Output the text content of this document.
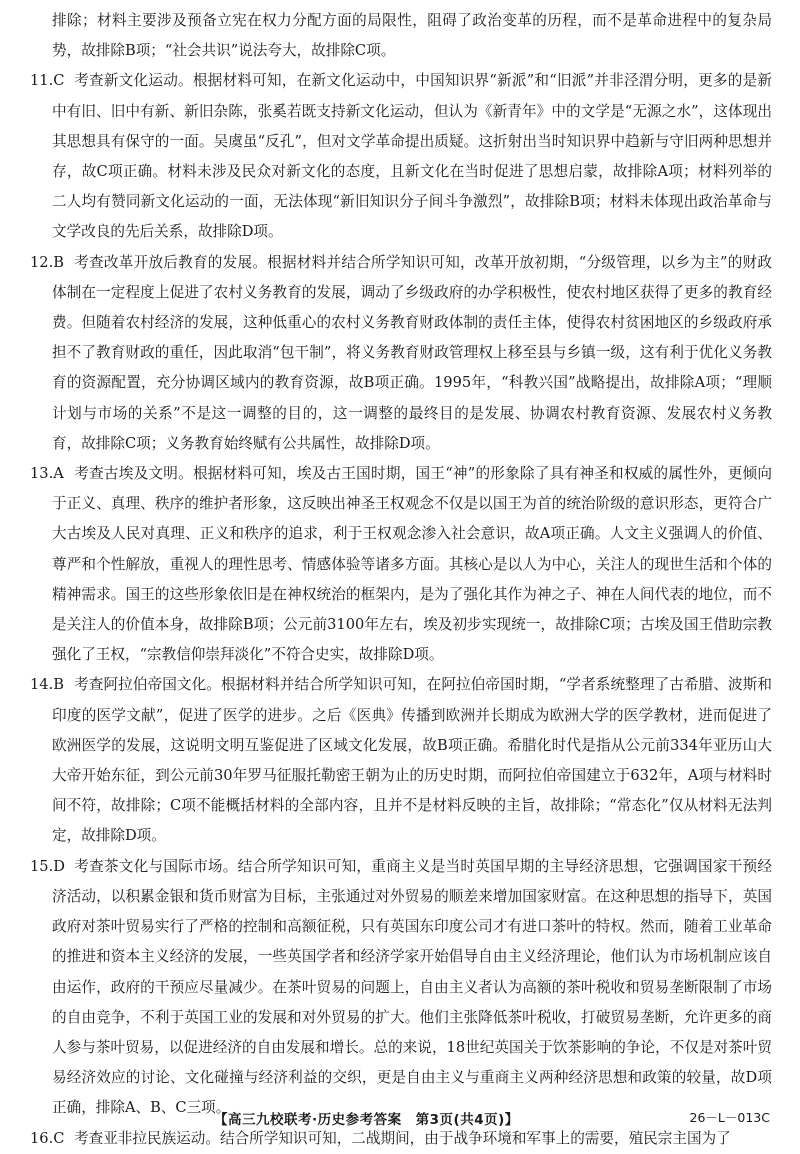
排除；材料主要涉及预备立宪在权力分配方面的局限性，阻碍了政治变革的历程，而不是革命进程中的复杂局势，故排除B项；“社会共识”说法夸大，故排除C项。

11.C 考查新文化运动。根据材料可知，在新文化运动中，中国知识界“新派”和“旧派”并非泾渭分明，更多的是新中有旧、旧中有新、新旧杂陈，张奚若既支持新文化运动，但认为《新青年》中的文学是“无源之水”，这体现出其思想具有保守的一面。吴虞虽“反孔”，但对文学革命提出质疑。这折射出当时知识界中趋新与守旧两种思想并存，故C项正确。材料未涉及民众对新文化的态度，且新文化在当时促进了思想启蒙，故排除A项；材料列举的二人均有赞同新文化运动的一面，无法体现“新旧知识分子间斗争激烈”，故排除B项；材料未体现出政治革命与文学改良的先后关系，故排除D项。

12.B 考查改革开放后教育的发展。根据材料并结合所学知识可知，改革开放初期，“分级管理，以乡为主”的财政体制在一定程度上促进了农村义务教育的发展，调动了乡级政府的办学积极性，使农村地区获得了更多的教育经费。但随着农村经济的发展，这种低重心的农村义务教育财政体制的责任主体，使得农村贫困地区的乡级政府承担不了教育财政的重任，因此取消“包干制”，将义务教育财政管理权上移至县与乡镇一级，这有利于优化义务教育的资源配置，充分协调区域内的教育资源，故B项正确。1995年，“科教兴国”战略提出，故排除A项；“理顺计划与市场的关系”不是这一调整的目的，这一调整的最终目的是发展、协调农村教育资源、发展农村义务教育，故排除C项；义务教育始终赋有公共属性，故排除D项。

13.A 考查古埃及文明。根据材料可知，埃及古王国时期，国王“神”的形象除了具有神圣和权威的属性外，更倾向于正义、真理、秩序的维护者形象，这反映出神圣王权观念不仅是以国王为首的统治阶级的意识形态，更符合广大古埃及人民对真理、正义和秩序的追求，利于王权观念渗入社会意识，故A项正确。人文主义强调人的价值、尊严和个性解放，重视人的理性思考、情感体验等诸多方面。其核心是以人为中心，关注人的现世生活和个体的精神需求。国王的这些形象依旧是在神权统治的框架内，是为了强化其作为神之子、神在人间代表的地位，而不是关注人的价值本身，故排除B项；公元前3100年左右，埃及初步实现统一，故排除C项；古埃及国王借助宗教强化了王权，“宗教信仰崇拜淡化”不符合史实，故排除D项。

14.B 考查阿拉伯帝国文化。根据材料并结合所学知识可知，在阿拉伯帝国时期，“学者系统整理了古希腊、波斯和印度的医学文献”，促进了医学的进步。之后《医典》传播到欧洲并长期成为欧洲大学的医学教材，进而促进了欧洲医学的发展，这说明文明互鉴促进了区域文化发展，故B项正确。希腊化时代是指从公元前334年亚历山大大帝开始东征，到公元前30年罗马征服托勒密王朝为止的历史时期，而阿拉伯帝国建立于632年，A项与材料时间不符，故排除；C项不能概括材料的全部内容，且并不是材料反映的主旨，故排除；“常态化”仅从材料无法判定，故排除D项。

15.D 考查茶文化与国际市场。结合所学知识可知，重商主义是当时英国早期的主导经济思想，它强调国家干预经济活动，以积累金银和货币财富为目标，主张通过对外贸易的顺差来增加国家财富。在这种思想的指导下，英国政府对茶叶贸易实行了严格的控制和高额征税，只有英国东印度公司才有进口茶叶的特权。然而，随着工业革命的推进和资本主义经济的发展，一些英国学者和经济学家开始倡导自由主义经济理论，他们认为市场机制应该自由运作，政府的干预应尽量减少。在茶叶贸易的问题上，自由主义者认为高额的茶叶税收和贸易垄断限制了市场的自由竞争，不利于英国工业的发展和对外贸易的扩大。他们主张降低茶叶税收，打破贸易垄断，允许更多的商人参与茶叶贸易，以促进经济的自由发展和增长。总的来说，18世纪英国关于饮茶影响的争论，不仅是对茶叶贸易经济效应的讨论、文化碰撞与经济利益的交织，更是自由主义与重商主义两种经济思想和政策的较量，故D项正确，排除A、B、C三项。

16.C 考查亚非拉民族运动。结合所学知识可知，二战期间，由于战争环境和军事上的需要，殖民宗主国为了

【高三九校联考·历史参考答案　第3页(共4页)】	26－L－013C
